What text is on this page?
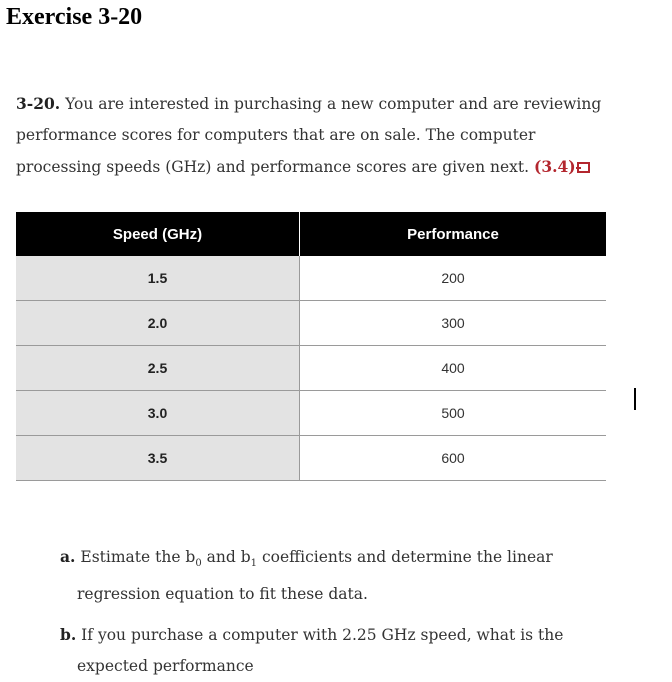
Exercise 3-20
3-20. You are interested in purchasing a new computer and are reviewing
performance scores for computers that are on sale. The computer
processing speeds (GHz) and performance scores are given next. (3.4)
Speed (GHz)	Performance
1.5	200
2.0	300
2.5	400
3.0	500
3.5	600
a. Estimate the $b_0$ and $b_1$ coefficients and determine the linear
regression equation to fit these data.
b. If you purchase a computer with 2.25 GHz speed, what is the
expected performance
